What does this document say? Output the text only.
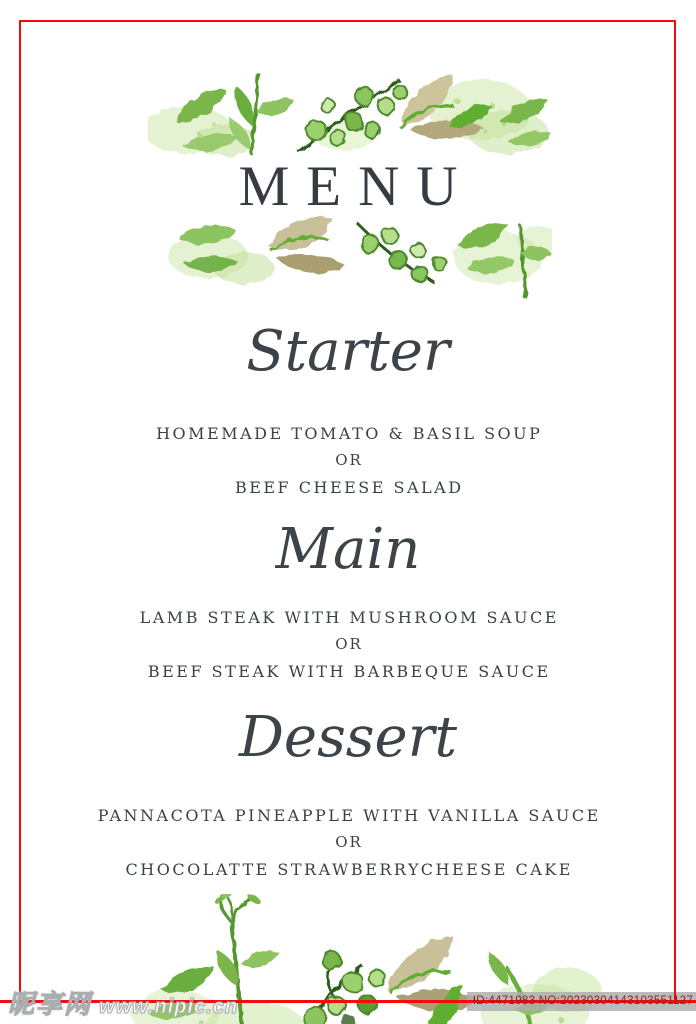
MENU
Starter
HOMEMADE TOMATO & BASIL SOUP
OR
BEEF CHEESE SALAD
Main
LAMB STEAK WITH MUSHROOM SAUCE
OR
BEEF STEAK WITH BARBEQUE SAUCE
Dessert
PANNACOTA PINEAPPLE WITH VANILLA SAUCE
OR
CHOCOLATTE STRAWBERRYCHEESE CAKE
昵享网 www.nipic.cn	ID:4471983 NO:20230304143103551127
